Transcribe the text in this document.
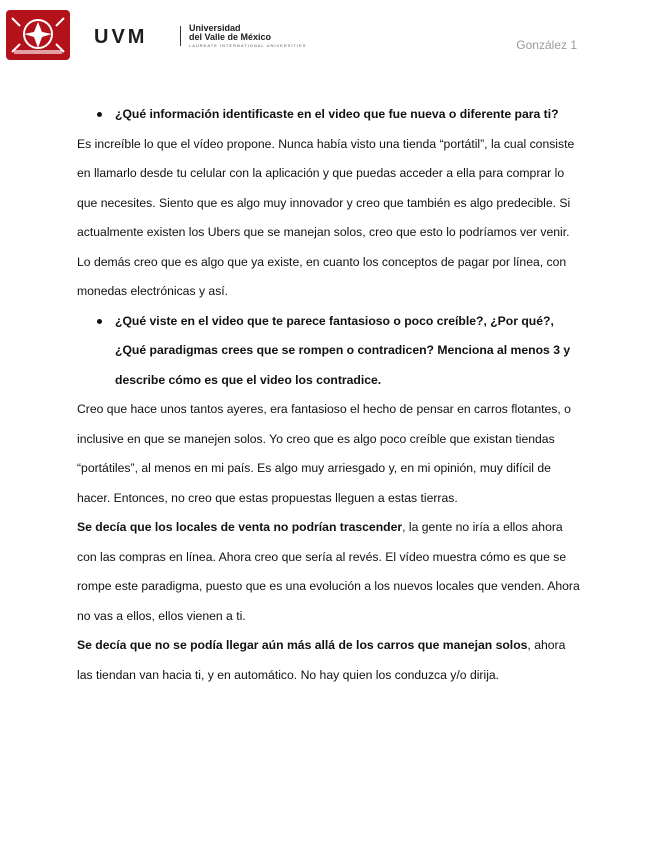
UVM	Universidad
del Valle de México
LAUREATE INTERNATIONAL UNIVERSITIES	González 1
¿Qué información identificaste en el video que fue nueva o diferente para ti?

Es increíble lo que el vídeo propone. Nunca había visto una tienda “portátil”, la cual consiste en llamarlo desde tu celular con la aplicación y que puedas acceder a ella para comprar lo que necesites. Siento que es algo muy innovador y creo que también es algo predecible. Si actualmente existen los Ubers que se manejan solos, creo que esto lo podríamos ver venir. Lo demás creo que es algo que ya existe, en cuanto los conceptos de pagar por línea, con monedas electrónicas y así.

¿Qué viste en el video que te parece fantasioso o poco creíble?, ¿Por qué?, ¿Qué paradigmas crees que se rompen o contradicen? Menciona al menos 3 y describe cómo es que el video los contradice.

Creo que hace unos tantos ayeres, era fantasioso el hecho de pensar en carros flotantes, o inclusive en que se manejen solos. Yo creo que es algo poco creíble que existan tiendas “portátiles”, al menos en mi país. Es algo muy arriesgado y, en mi opinión, muy difícil de hacer. Entonces, no creo que estas propuestas lleguen a estas tierras.

Se decía que los locales de venta no podrían trascender, la gente no iría a ellos ahora con las compras en línea. Ahora creo que sería al revés. El vídeo muestra cómo es que se rompe este paradigma, puesto que es una evolución a los nuevos locales que venden. Ahora no vas a ellos, ellos vienen a ti.

Se decía que no se podía llegar aún más allá de los carros que manejan solos, ahora las tiendan van hacia ti, y en automático. No hay quien los conduzca y/o dirija.
